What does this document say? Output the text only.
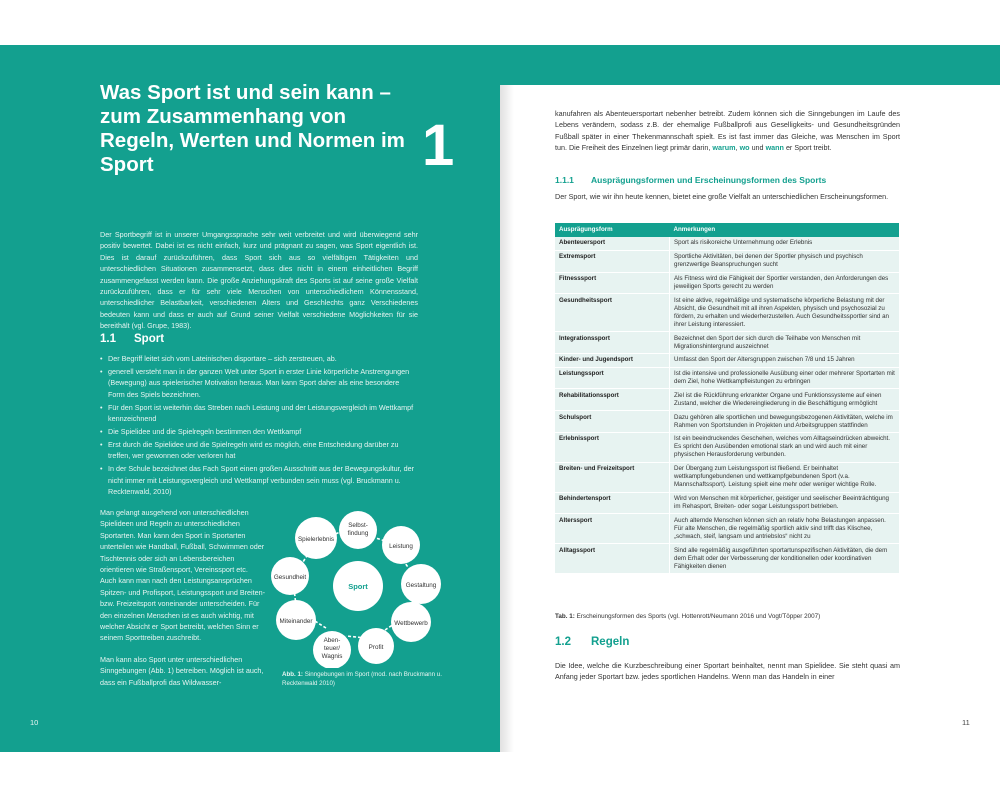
Was Sport ist und sein kann – zum Zusammenhang von Regeln, Werten und Normen im Sport	1

Der Sportbegriff ist in unserer Umgangssprache sehr weit verbreitet und wird überwiegend sehr positiv bewertet. Dabei ist es nicht einfach, kurz und prägnant zu sagen, was Sport eigentlich ist. Dies ist darauf zurückzuführen, dass Sport sich aus so vielfältigen Tätigkeiten und unterschiedlichen Situationen zusammensetzt, dass dies nicht in einem einheitlichen Begriff zusammengefasst werden kann. Die große Anziehungskraft des Sports ist auf seine große Vielfalt zurückzuführen, dass er für sehr viele Menschen von unterschiedlichem Könnensstand, unterschiedlicher Belastbarkeit, verschiedenen Alters und Geschlechts ganz Verschiedenes bedeuten kann und dass er auch auf Grund seiner Vielfalt verschiedene Möglichkeiten für sie bereithält (vgl. Grupe, 1983).

1.1 Sport
• Der Begriff leitet sich vom Lateinischen disportare – sich zerstreuen, ab.
• generell versteht man in der ganzen Welt unter Sport in erster Linie körperliche Anstrengungen (Bewegung) aus spielerischer Motivation heraus. Man kann Sport daher als eine besondere Form des Spiels bezeichnen.
• Für den Sport ist weiterhin das Streben nach Leistung und der Leistungsvergleich im Wettkampf kennzeichnend
• Die Spielidee und die Spielregeln bestimmen den Wettkampf
• Erst durch die Spielidee und die Spielregeln wird es möglich, eine Entscheidung darüber zu treffen, wer gewonnen oder verloren hat
• In der Schule bezeichnet das Fach Sport einen großen Ausschnitt aus der Bewegungskultur, der nicht immer mit Leistungsvergleich und Wettkampf verbunden sein muss (vgl. Bruckmann u. Recktenwald, 2010)

Man gelangt ausgehend von unterschiedlichen Spielideen und Regeln zu unterschiedlichen Sportarten. Man kann den Sport in Sportarten unterteilen wie Handball, Fußball, Schwimmen oder Tischtennis oder sich an Lebensbereichen orientieren wie Straßensport, Vereinssport etc. Auch kann man nach den Leistungsansprüchen Spitzen- und Profisport, Leistungssport und Breiten- bzw. Freizeitsport voneinander unterscheiden. Für den einzelnen Menschen ist es auch wichtig, mit welcher Absicht er Sport betreibt, welchen Sinn er seinem Sporttreiben zuschreibt.

Man kann also Sport unter unterschiedlichen Sinngebungen (Abb. 1) betreiben. Möglich ist auch, dass ein Fußballprofi das Wildwasser-

Sport
Selbst-
findung
Leistung
Gestaltung
Wettbewerb
Profit
Aben-
teuer/
Wagnis
Miteinander
Gesundheit
Spielerlebnis

Abb. 1: Sinngebungen im Sport (mod. nach Bruckmann u. Recktenwald 2010)

10	11

kanufahren als Abenteuersportart nebenher betreibt. Zudem können sich die Sinngebungen im Laufe des Lebens verändern, sodass z.B. der ehemalige Fußballprofi aus Geselligkeits- und Gesundheitsgründen Fußball später in einer Thekenmannschaft spielt. Es ist fast immer das Gleiche, was Menschen im Sport tun. Die Freiheit des Einzelnen liegt primär darin, warum, wo und wann er Sport treibt.

1.1.1 Ausprägungsformen und Erscheinungsformen des Sports

Der Sport, wie wir ihn heute kennen, bietet eine große Vielfalt an unterschiedlichen Erscheinungsformen.

Ausprägungsform	Anmerkungen
Abenteuersport	Sport als risikoreiche Unternehmung oder Erlebnis
Extremsport	Sportliche Aktivitäten, bei denen der Sportler physisch und psychisch grenzwertige Beanspruchungen sucht
Fitnesssport	Als Fitness wird die Fähigkeit der Sportler verstanden, den Anforderungen des jeweiligen Sports gerecht zu werden
Gesundheitssport	Ist eine aktive, regelmäßige und systematische körperliche Belastung mit der Absicht, die Gesundheit mit all ihren Aspekten, physisch und psychosozial zu fördern, zu erhalten und wiederherzustellen. Auch Gesundheitssportler sind an ihrer Leistung interessiert.
Integrationssport	Bezeichnet den Sport der sich durch die Teilhabe von Menschen mit Migrationshintergrund auszeichnet
Kinder- und Jugendsport	Umfasst den Sport der Altersgruppen zwischen 7/8 und 15 Jahren
Leistungssport	Ist die intensive und professionelle Ausübung einer oder mehrerer Sportarten mit dem Ziel, hohe Wettkampfleistungen zu erbringen
Rehabilitationssport	Ziel ist die Rückführung erkrankter Organe und Funktionssysteme auf einen Zustand, welcher die Wiedereingliederung in die Beschäftigung ermöglicht
Schulsport	Dazu gehören alle sportlichen und bewegungsbezogenen Aktivitäten, welche im Rahmen von Sportstunden in Projekten und Arbeitsgruppen stattfinden
Erlebnissport	Ist ein beeindruckendes Geschehen, welches vom Alltagseindrücken abweicht. Es spricht den Ausübenden emotional stark an und wird auch mit einer physischen Herausforderung verbunden.
Breiten- und Freizeitsport	Der Übergang zum Leistungssport ist fließend. Er beinhaltet wettkampfungebundenen und wettkampfgebundenen Sport (v.a. Mannschaftssport). Leistung spielt eine mehr oder weniger wichtige Rolle.
Behindertensport	Wird von Menschen mit körperlicher, geistiger und seelischer Beeinträchtigung im Rehasport, Breiten- oder sogar Leistungssport betrieben.
Alterssport	Auch alternde Menschen können sich an relativ hohe Belastungen anpassen. Für alte Menschen, die regelmäßig sportlich aktiv sind trifft das Klischee, „schwach, steif, langsam und antriebslos“ nicht zu
Alltagssport	Sind alle regelmäßig ausgeführten sportartunspezifischen Aktivitäten, die dem dem Erhalt oder der Verbesserung der konditionellen oder koordinativen Fähigkeiten dienen

Tab. 1: Erscheinungsformen des Sports (vgl. Hottenrott/Neumann 2016 und Vogt/Töpper 2007)

1.2 Regeln

Die Idee, welche die Kurzbeschreibung einer Sportart beinhaltet, nennt man Spielidee. Sie steht quasi am Anfang jeder Sportart bzw. jedes sportlichen Handelns. Wenn man das Handeln in einer
